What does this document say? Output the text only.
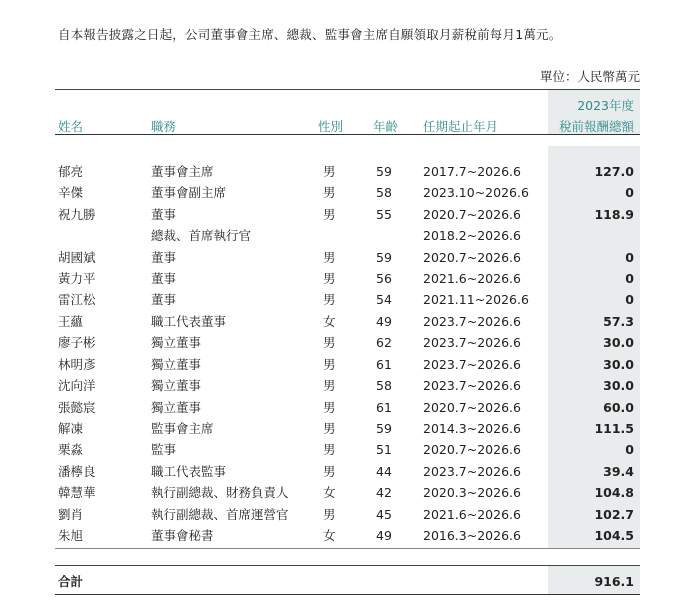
自本報告披露之日起，公司董事會主席、總裁、監事會主席自願領取月薪稅前每月1萬元。
單位：人民幣萬元
2023年度
姓名	職務	性別 年齡 任期起止年月	稅前報酬總額
郁亮	董事會主席	男	59 2017.7~2026.6	127.0
辛傑	董事會副主席	男	58 2023.10~2026.6	0
祝九勝	董事	男	55 2020.7~2026.6	118.9
總裁、首席執行官	2018.2~2026.6
胡國斌	董事	男	59 2020.7~2026.6	0
黃力平	董事	男	56 2021.6~2026.6	0
雷江松	董事	男	54 2021.11~2026.6	0
王蘊	職工代表董事	女	49 2023.7~2026.6	57.3
廖子彬	獨立董事	男	62 2023.7~2026.6	30.0
林明彥	獨立董事	男	61 2023.7~2026.6	30.0
沈向洋	獨立董事	男	58 2023.7~2026.6	30.0
張懿宸	獨立董事	男	61 2020.7~2026.6	60.0
解凍	監事會主席	男	59 2014.3~2026.6	111.5
栗淼	監事	男	51 2020.7~2026.6	0
潘檸良	職工代表監事	男	44 2023.7~2026.6	39.4
韓慧華	執行副總裁、財務負責人	女	42 2020.3~2026.6	104.8
劉肖	執行副總裁、首席運營官	男	45 2021.6~2026.6	102.7
朱旭	董事會秘書	女	49 2016.3~2026.6	104.5
合計	916.1
